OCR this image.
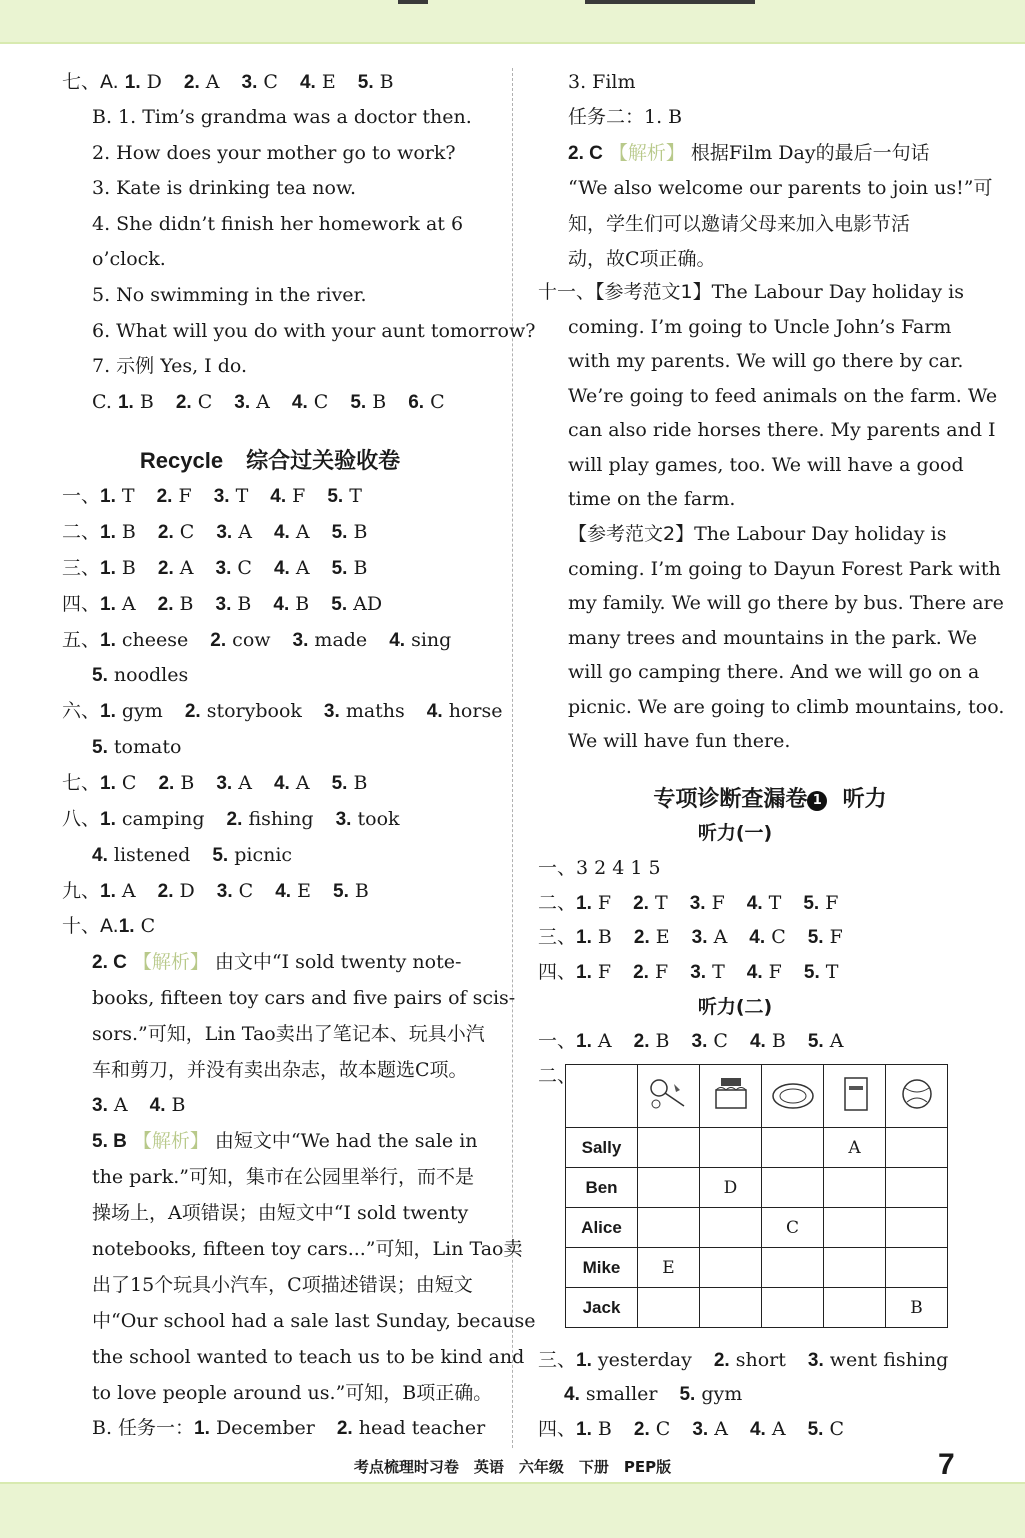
七、A. 1. D 2. A 3. C 4. E 5. B
B. 1. Tim’s grandma was a doctor then.
2. How does your mother go to work?
3. Kate is drinking tea now.
4. She didn’t finish her homework at 6
o’clock.
5. No swimming in the river.
6. What will you do with your aunt tomorrow?
7. 示例 Yes, I do.
C. 1. B 2. C 3. A 4. C 5. B 6. C
Recycle 综合过关验收卷
一、1. T 2. F 3. T 4. F 5. T
二、1. B 2. C 3. A 4. A 5. B
三、1. B 2. A 3. C 4. A 5. B
四、1. A 2. B 3. B 4. B 5. AD
五、1. cheese 2. cow 3. made 4. sing
5. noodles
六、1. gym 2. storybook 3. maths 4. horse
5. tomato
七、1. C 2. B 3. A 4. A 5. B
八、1. camping 2. fishing 3. took
4. listened 5. picnic
九、1. A 2. D 3. C 4. E 5. B
十、A.1. C
2. C 【解析】 由文中“I sold twenty note-
books, fifteen toy cars and five pairs of scis-
sors.”可知，Lin Tao卖出了笔记本、玩具小汽
车和剪刀，并没有卖出杂志，故本题选C项。
3. A 4. B
5. B 【解析】 由短文中“We had the sale in
the park.”可知，集市在公园里举行，而不是
操场上，A项错误；由短文中“I sold twenty
notebooks, fifteen toy cars...”可知，Lin Tao卖
出了15个玩具小汽车，C项描述错误；由短文
中“Our school had a sale last Sunday, because
the school wanted to teach us to be kind and
to love people around us.”可知，B项正确。
B. 任务一：1. December 2. head teacher
3. Film
任务二：1. B
2. C 【解析】 根据Film Day的最后一句话
“We also welcome our parents to join us!”可
知，学生们可以邀请父母来加入电影节活
动，故C项正确。
十一、【参考范文1】The Labour Day holiday is
coming. I’m going to Uncle John’s Farm
with my parents. We will go there by car.
We’re going to feed animals on the farm. We
can also ride horses there. My parents and I
will play games, too. We will have a good
time on the farm.
【参考范文2】The Labour Day holiday is
coming. I’m going to Dayun Forest Park with
my family. We will go there by bus. There are
many trees and mountains in the park. We
will go camping there. And we will go on a
picnic. We are going to climb mountains, too.
We will have fun there.
专项诊断查漏卷 1 听力
听力(一)
一、3 2 4 1 5
二、1. F 2. T 3. F 4. T 5. F
三、1. B 2. E 3. A 4. C 5. F
四、1. F 2. F 3. T 4. F 5. T
听力(二)
一、1. A 2. B 3. C 4. B 5. A
二、

Sally				A	
Ben		D			
Alice			C		
Mike	E				
Jack					B
三、1. yesterday 2. short 3. went fishing
4. smaller 5. gym
四、1. B 2. C 3. A 4. A 5. C
考点梳理时习卷　英语　六年级　下册　PEP版	7
